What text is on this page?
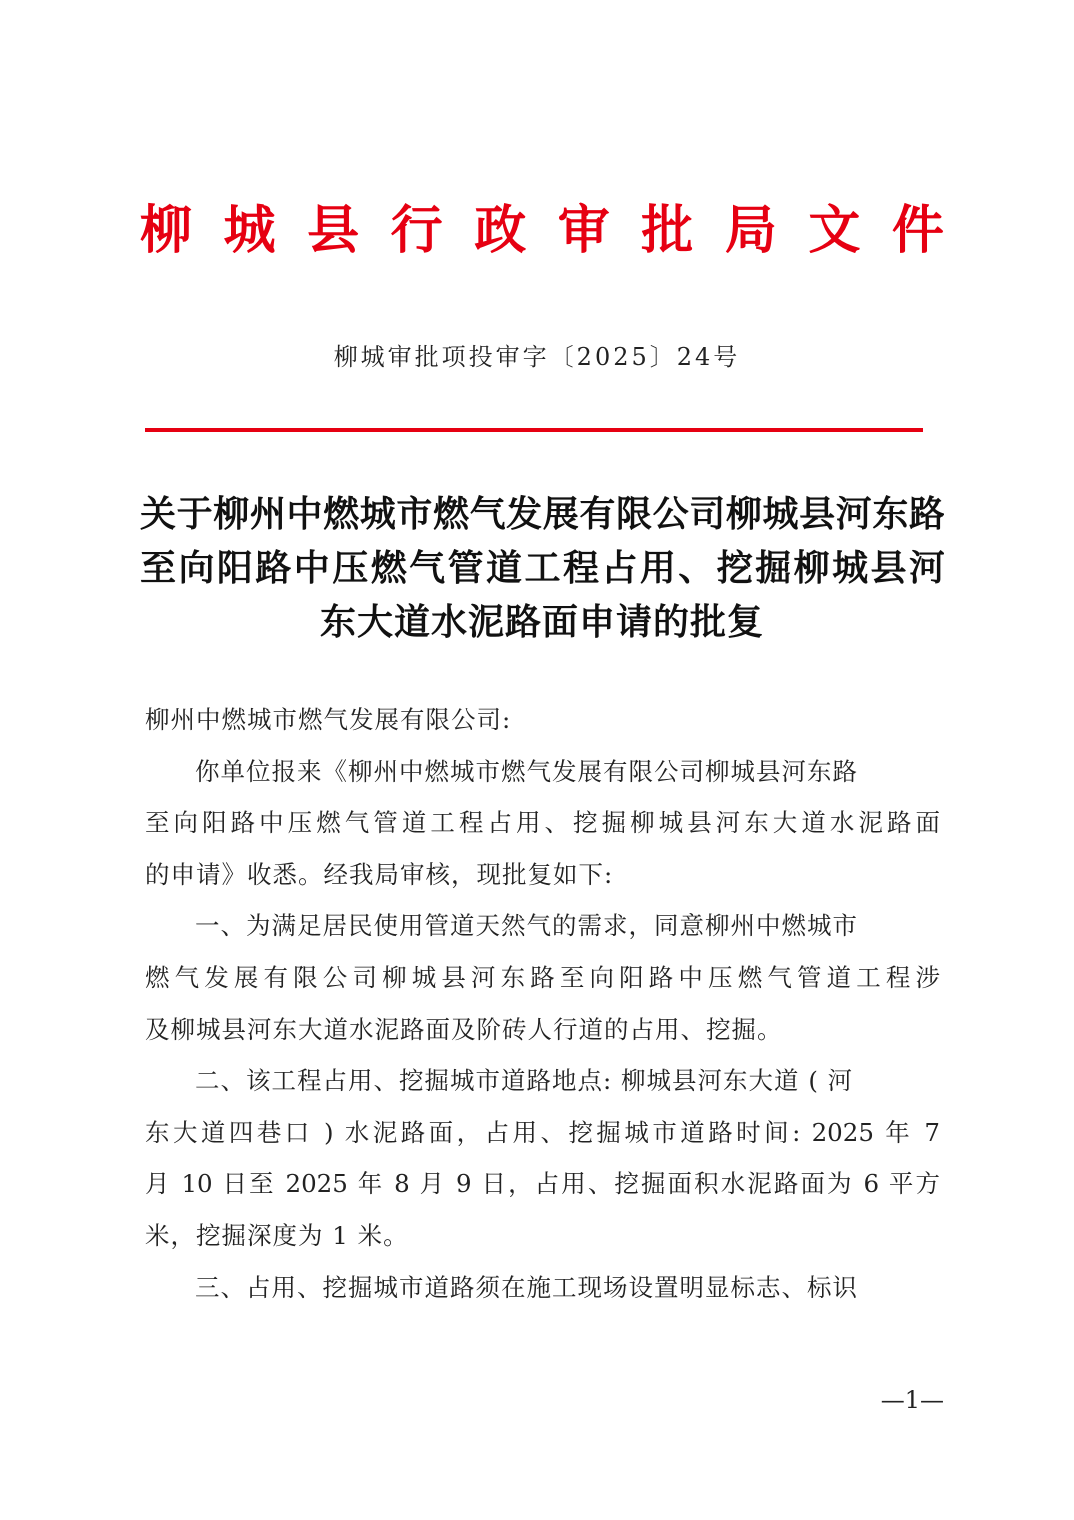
柳 城 县 行 政 审 批 局 文 件
柳城审批项投审字〔2025〕24号
关于柳州中燃城市燃气发展有限公司柳城县河东路
至向阳路中压燃气管道工程占用、挖掘柳城县河
东大道水泥路面申请的批复
柳州中燃城市燃气发展有限公司:
你单位报来《柳州中燃城市燃气发展有限公司柳城县河东路
至向阳路中压燃气管道工程占用、挖掘柳城县河东大道水泥路面
的申请》收悉。经我局审核，现批复如下:
一、为满足居民使用管道天然气的需求，同意柳州中燃城市
燃气发展有限公司柳城县河东路至向阳路中压燃气管道工程涉
及柳城县河东大道水泥路面及阶砖人行道的占用、挖掘。
二、该工程占用、挖掘城市道路地点: 柳城县河东大道 ( 河
东大道四巷口 ) 水泥路面，占用、挖掘城市道路时间: 2025 年 7
月 10 日至 2025 年 8 月 9 日，占用、挖掘面积水泥路面为 6 平方
米，挖掘深度为 1 米。
三、占用、挖掘城市道路须在施工现场设置明显标志、标识
—1—
